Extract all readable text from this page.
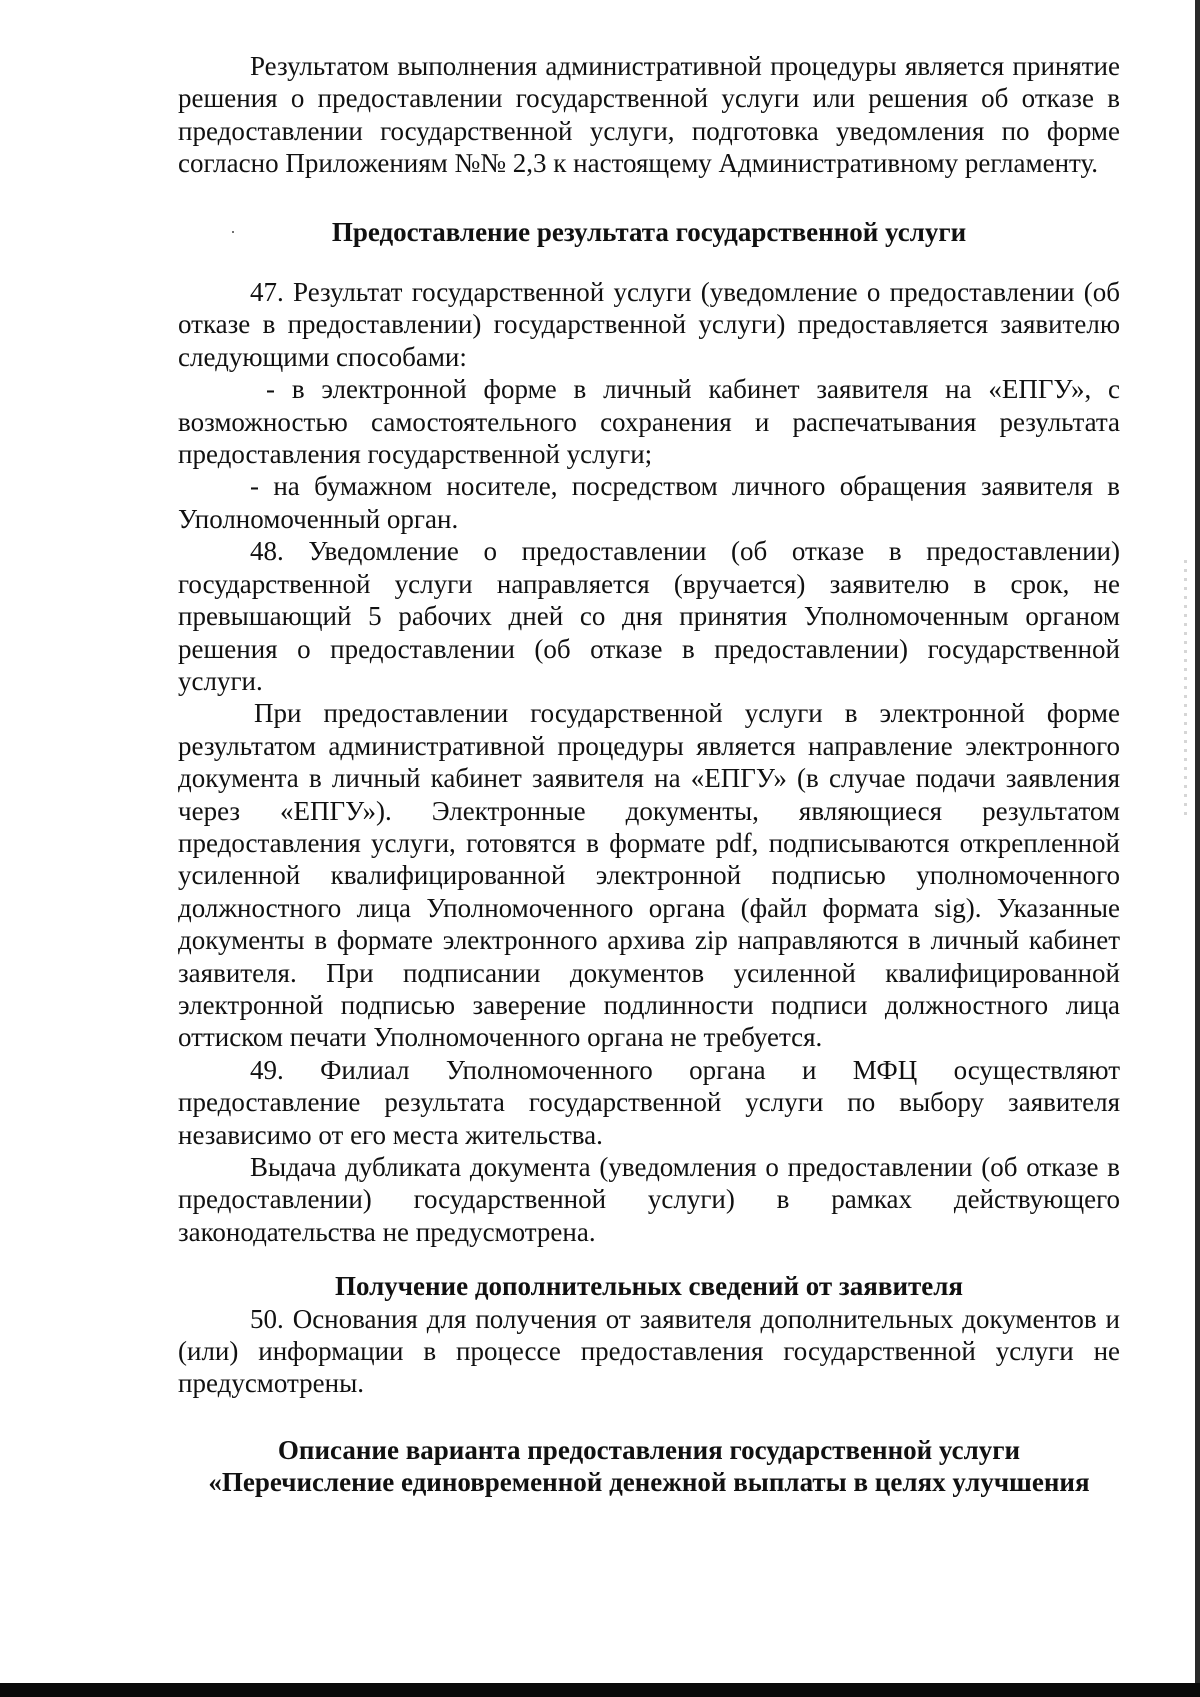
Результатом выполнения административной процедуры является принятие решения о предоставлении государственной услуги или решения об отказе в предоставлении государственной услуги, подготовка уведомления по форме согласно Приложениям №№ 2,3 к настоящему Административному регламенту.

Предоставление результата государственной услуги

47. Результат государственной услуги (уведомление о предоставлении (об отказе в предоставлении) государственной услуги) предоставляется заявителю следующими способами:

- в электронной форме в личный кабинет заявителя на «ЕПГУ», с возможностью самостоятельного сохранения и распечатывания результата предоставления государственной услуги;

- на бумажном носителе, посредством личного обращения заявителя в Уполномоченный орган.

48. Уведомление о предоставлении (об отказе в предоставлении) государственной услуги направляется (вручается) заявителю в срок, не превышающий 5 рабочих дней со дня принятия Уполномоченным органом решения о предоставлении (об отказе в предоставлении) государственной услуги.

При предоставлении государственной услуги в электронной форме результатом административной процедуры является направление электронного документа в личный кабинет заявителя на «ЕПГУ» (в случае подачи заявления через «ЕПГУ»). Электронные документы, являющиеся результатом предоставления услуги, готовятся в формате pdf, подписываются открепленной усиленной квалифицированной электронной подписью уполномоченного должностного лица Уполномоченного органа (файл формата sig). Указанные документы в формате электронного архива zip направляются в личный кабинет заявителя. При подписании документов усиленной квалифицированной электронной подписью заверение подлинности подписи должностного лица оттиском печати Уполномоченного органа не требуется.

49. Филиал Уполномоченного органа и МФЦ осуществляют предоставление результата государственной услуги по выбору заявителя независимо от его места жительства.

Выдача дубликата документа (уведомления о предоставлении (об отказе в предоставлении) государственной услуги) в рамках действующего законодательства не предусмотрена.

Получение дополнительных сведений от заявителя

50. Основания для получения от заявителя дополнительных документов и (или) информации в процессе предоставления государственной услуги не предусмотрены.

Описание варианта предоставления государственной услуги

«Перечисление единовременной денежной выплаты в целях улучшения
